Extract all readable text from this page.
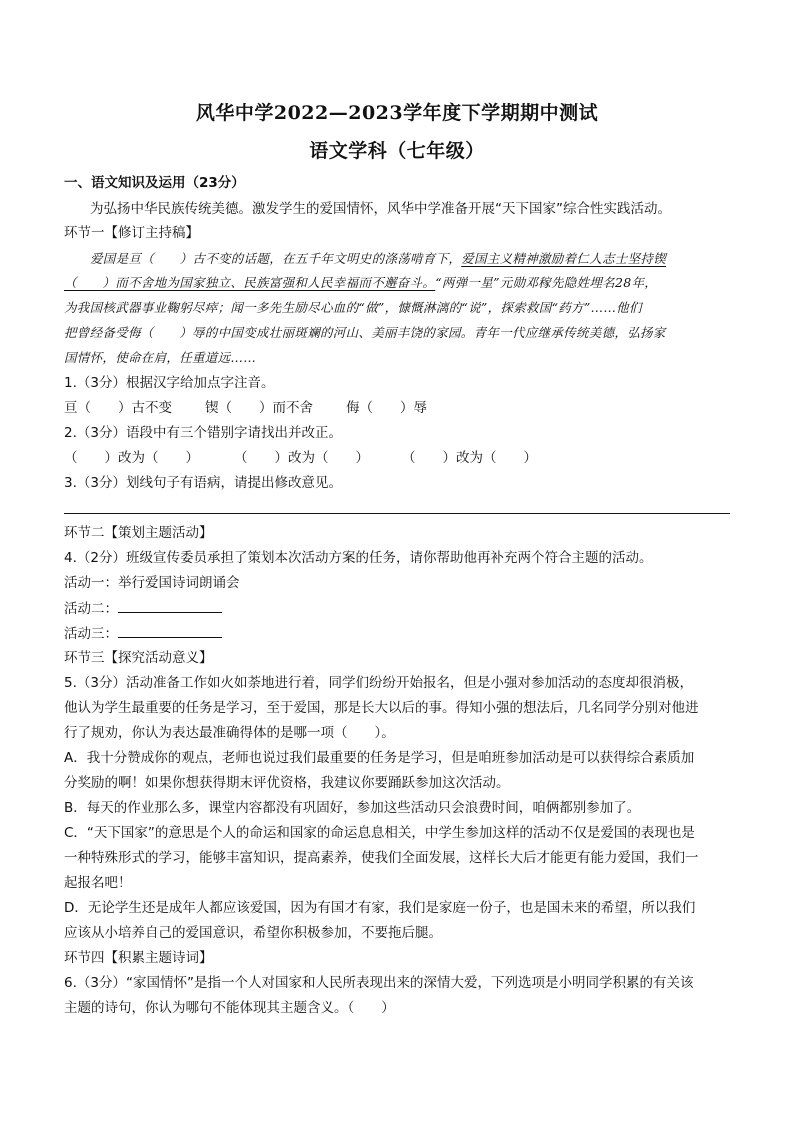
风华中学2022—2023学年度下学期期中测试
语文学科（七年级）
一、语文知识及运用（23分）
为弘扬中华民族传统美德。激发学生的爱国情怀，风华中学准备开展“天下国家”综合性实践活动。
环节一【修订主持稿】
爱国是亘（　　）古不变的话题，在五千年文明史的涤荡啃育下，爱国主义精神激励着仁人志士坚持锲
（　　）而不舍地为国家独立、民族富强和人民幸福而不邂奋斗。“两弹一星”元勋邓稼先隐姓埋名28年，
为我国核武器事业鞠躬尽瘁；闻一多先生励尽心血的“做”，慷慨淋漓的“说”，探索救国“药方”……他们
把曾经备受侮（　　）辱的中国变成壮丽斑斓的河山、美丽丰饶的家园。青年一代应继承传统美德，弘扬家
国情怀，使命在肩，任重道远……
1.（3分）根据汉字给加点字注音。
亘（　　）古不变 锲（　　）而不舍 侮（　　）辱
2.（3分）语段中有三个错别字请找出并改正。
（　　）改为（　　）	（　　）改为（　　） （　　）改为（　　）
3.（3分）划线句子有语病，请提出修改意见。
环节二【策划主题活动】
4.（2分）班级宣传委员承担了策划本次活动方案的任务，请你帮助他再补充两个符合主题的活动。
活动一：举行爱国诗词朗诵会
活动二：
活动三：
环节三【探究活动意义】
5.（3分）活动准备工作如火如荼地进行着，同学们纷纷开始报名，但是小强对参加活动的态度却很消极，
他认为学生最重要的任务是学习，至于爱国，那是长大以后的事。得知小强的想法后，几名同学分别对他进
行了规劝，你认为表达最准确得体的是哪一项（　　）。
A．我十分赞成你的观点，老师也说过我们最重要的任务是学习，但是咱班参加活动是可以获得综合素质加
分奖励的啊！如果你想获得期末评优资格，我建议你要踊跃参加这次活动。
B．每天的作业那么多，课堂内容都没有巩固好，参加这些活动只会浪费时间，咱俩都别参加了。
C．“天下国家”的意思是个人的命运和国家的命运息息相关，中学生参加这样的活动不仅是爱国的表现也是
一种特殊形式的学习，能够丰富知识，提高素养，使我们全面发展，这样长大后才能更有能力爱国，我们一
起报名吧！
D．无论学生还是成年人都应该爱国，因为有国才有家，我们是家庭一份子，也是国未来的希望，所以我们
应该从小培养自己的爱国意识，希望你积极参加，不要拖后腿。
环节四【积累主题诗词】
6.（3分）“家国情怀”是指一个人对国家和人民所表现出来的深情大爱，下列选项是小明同学积累的有关该
主题的诗句，你认为哪句不能体现其主题含义。（　　）
